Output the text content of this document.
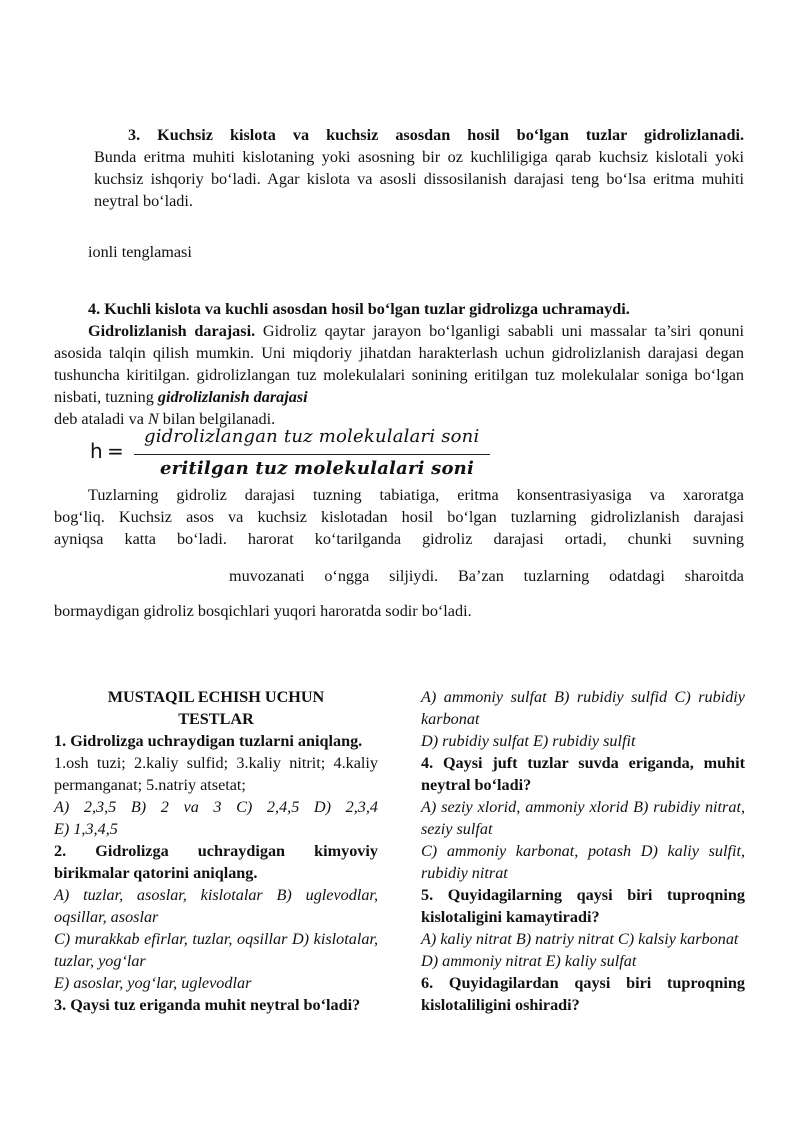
3. Kuchsiz kislota va kuchsiz asosdan hosil bo‘lgan tuzlar gidrolizlanadi.
Bunda eritma muhiti kislotaning yoki asosning bir oz kuchliligiga qarab kuchsiz kislotali yoki kuchsiz ishqoriy bo‘ladi. Agar kislota va asosli dissosilanish darajasi teng bo‘lsa eritma muhiti neytral bo‘ladi.
ionli tenglamasi
4. Kuchli kislota va kuchli asosdan hosil bo‘lgan tuzlar gidrolizga uchramaydi.
Gidrolizlanish darajasi. Gidroliz qaytar jarayon bo‘lganligi sababli uni massalar ta’siri qonuni asosida talqin qilish mumkin. Uni miqdoriy jihatdan harakterlash uchun gidrolizlanish darajasi degan tushuncha kiritilgan. gidrolizlangan tuz molekulalari sonining eritilgan tuz molekulalar soniga bo‘lgan nisbati, tuzning gidrolizlanish darajasi
deb ataladi va N bilan belgilanadi.
h =
gidrolizlangan tuz molekulalari soni
eritilgan tuz molekulalari soni
Tuzlarning gidroliz darajasi tuzning tabiatiga, eritma konsentrasiyasiga va xaroratga
bog‘liq. Kuchsiz asos va kuchsiz kislotadan hosil bo‘lgan tuzlarning gidrolizlanish darajasi
ayniqsa katta bo‘ladi. harorat ko‘tarilganda gidroliz darajasi ortadi, chunki suvning
muvozanati o‘ngga siljiydi. Ba’zan tuzlarning odatdagi sharoitda
bormaydigan gidroliz bosqichlari yuqori haroratda sodir bo‘ladi.
MUSTAQIL ECHISH UCHUN
TESTLAR
1. Gidrolizga uchraydigan tuzlarni aniqlang.
1.osh tuzi; 2.kaliy sulfid; 3.kaliy nitrit; 4.kaliy permanganat; 5.natriy atsetat;
A) 2,3,5 B) 2 va 3 C) 2,4,5 D) 2,3,4
E) 1,3,4,5
2. Gidrolizga uchraydigan kimyoviy birikmalar qatorini aniqlang.
A) tuzlar, asoslar, kislotalar B) uglevodlar, oqsillar, asoslar
C) murakkab efirlar, tuzlar, oqsillar D) kislotalar, tuzlar, yog‘lar
E) asoslar, yog‘lar, uglevodlar
3. Qaysi tuz eriganda muhit neytral bo‘ladi?
A) ammoniy sulfat B) rubidiy sulfid C) rubidiy karbonat
D) rubidiy sulfat E) rubidiy sulfit
4. Qaysi juft tuzlar suvda eriganda, muhit neytral bo‘ladi?
A) seziy xlorid, ammoniy xlorid B) rubidiy nitrat, seziy sulfat
C) ammoniy karbonat, potash D) kaliy sulfit, rubidiy nitrat
5. Quyidagilarning qaysi biri tuproqning kislotaligini kamaytiradi?
A) kaliy nitrat B) natriy nitrat C) kalsiy karbonat
D) ammoniy nitrat E) kaliy sulfat
6. Quyidagilardan qaysi biri tuproqning kislotaliligini oshiradi?
